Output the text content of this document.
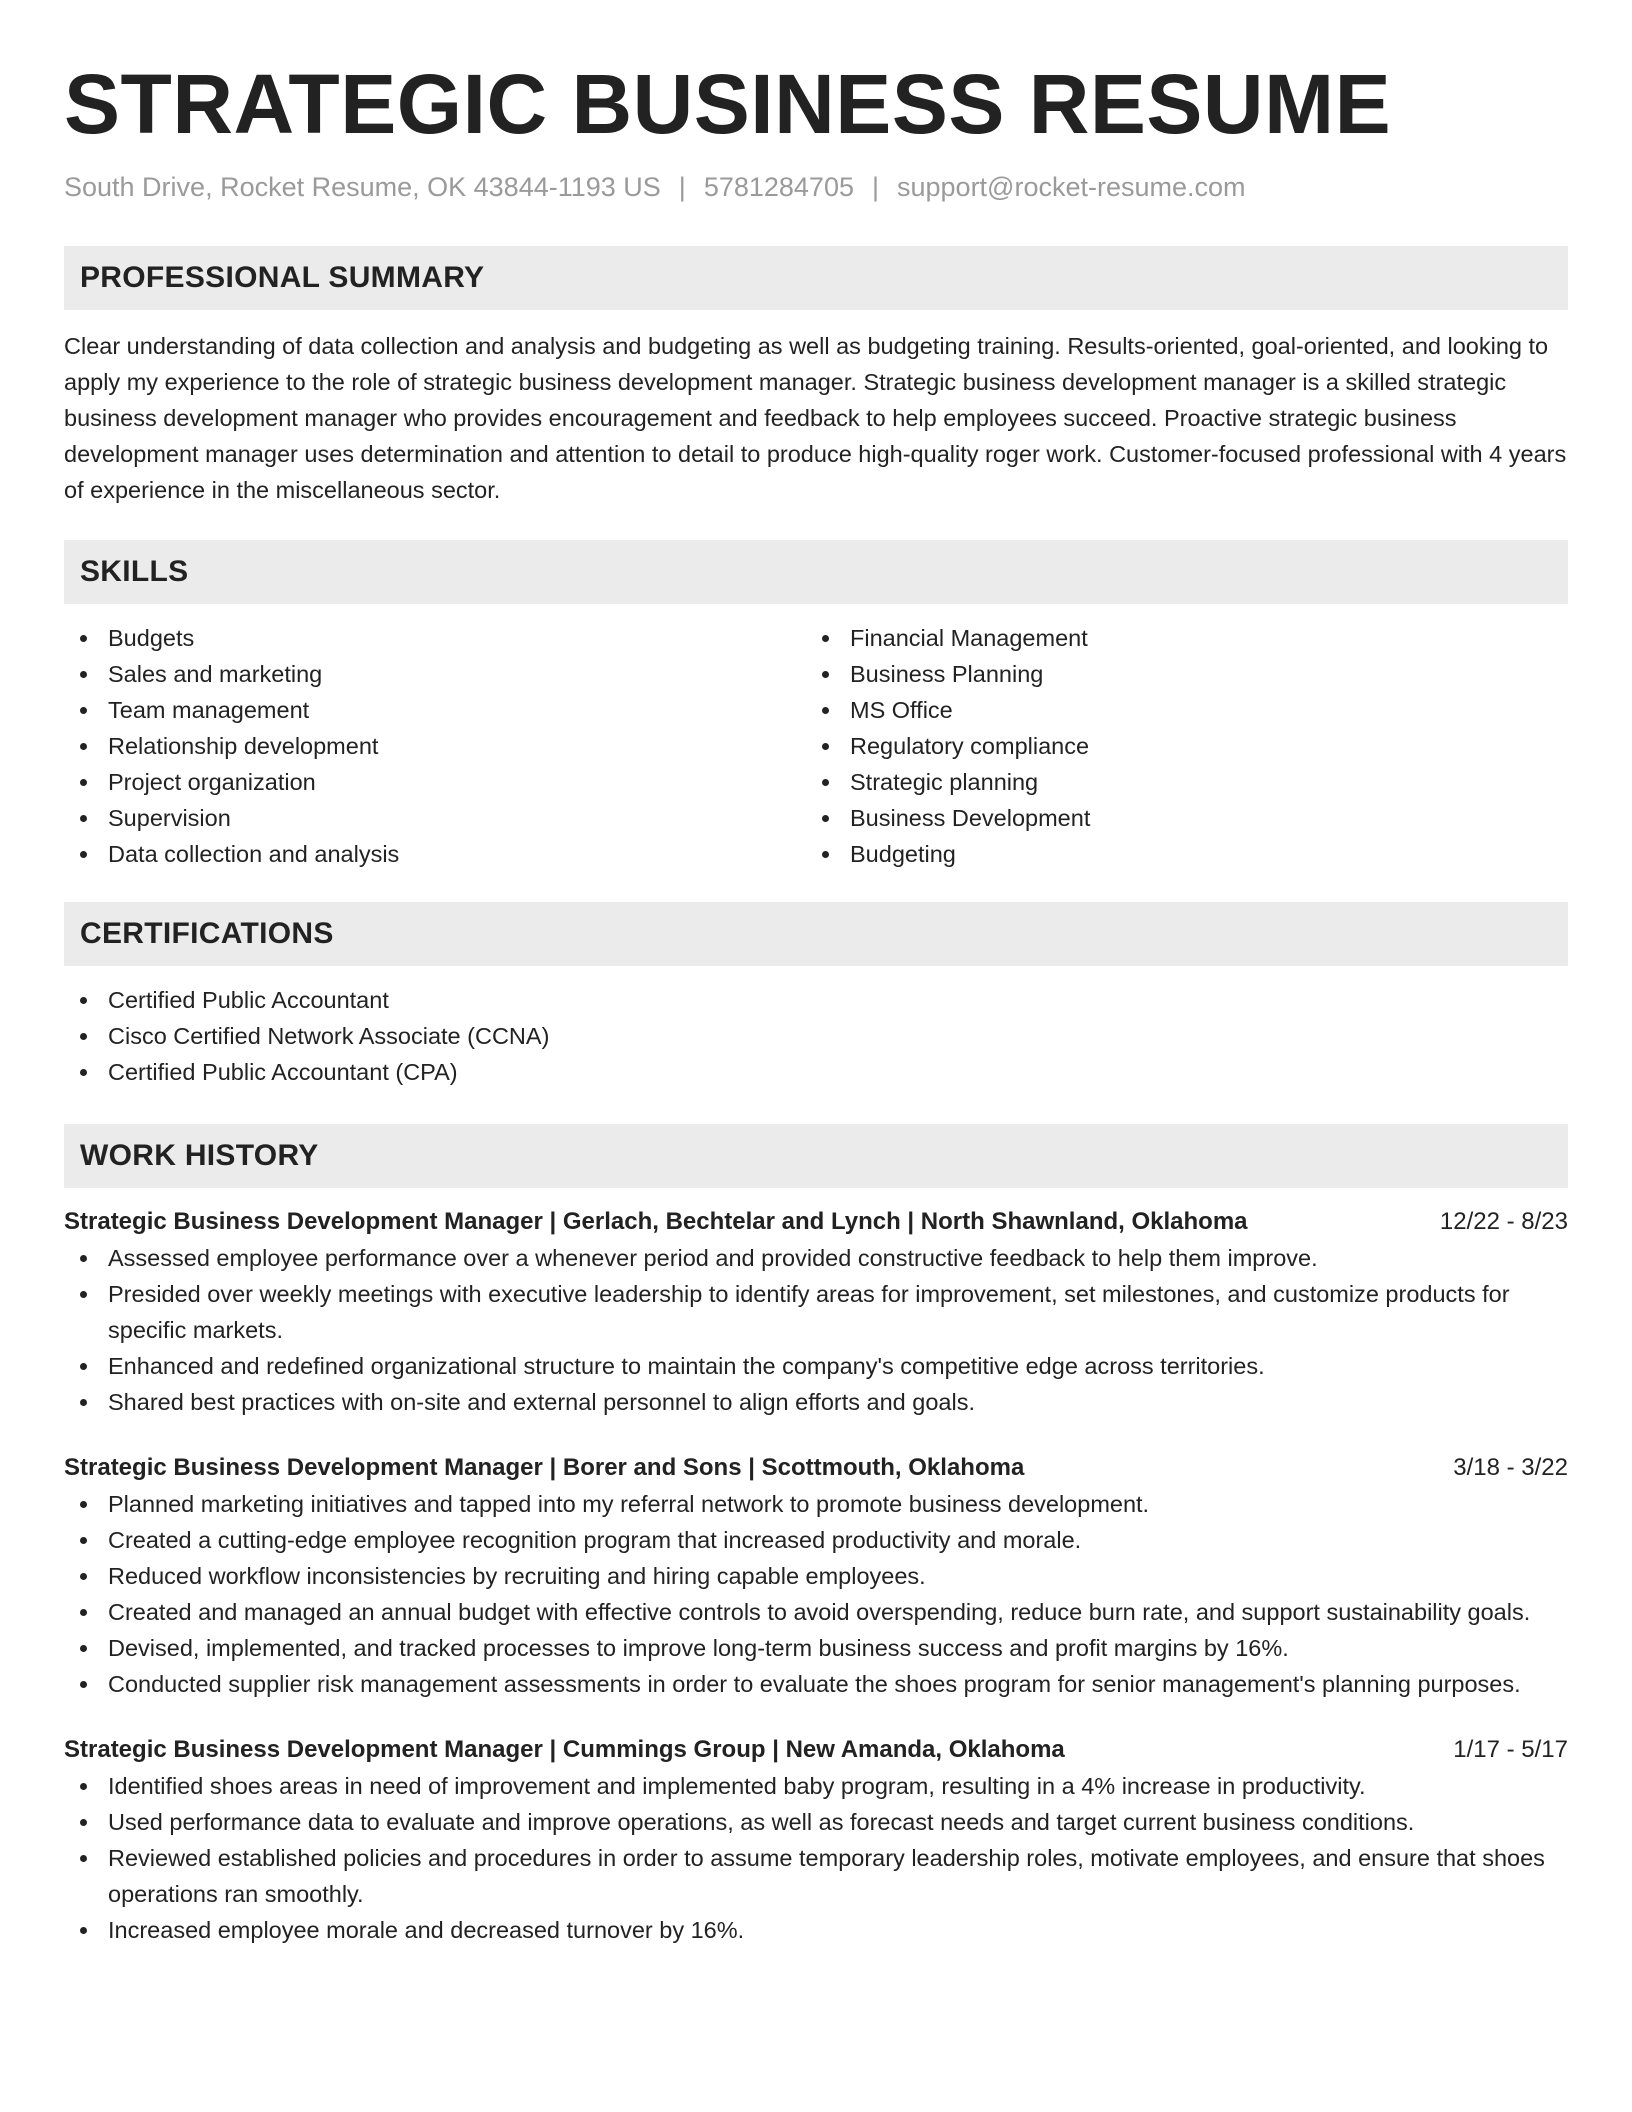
STRATEGIC BUSINESS RESUME
South Drive, Rocket Resume, OK 43844-1193 US | 5781284705 | support@rocket-resume.com
PROFESSIONAL SUMMARY

Clear understanding of data collection and analysis and budgeting as well as budgeting training. Results-oriented, goal-oriented, and looking to apply my experience to the role of strategic business development manager. Strategic business development manager is a skilled strategic business development manager who provides encouragement and feedback to help employees succeed. Proactive strategic business development manager uses determination and attention to detail to produce high-quality roger work. Customer-focused professional with 4 years of experience in the miscellaneous sector.

SKILLS
Budgets
Sales and marketing
Team management
Relationship development
Project organization
Supervision
Data collection and analysis
Financial Management
Business Planning
MS Office
Regulatory compliance
Strategic planning
Business Development
Budgeting
CERTIFICATIONS
Certified Public Accountant
Cisco Certified Network Associate (CCNA)
Certified Public Accountant (CPA)
WORK HISTORY
Strategic Business Development Manager | Gerlach, Bechtelar and Lynch | North Shawnland, Oklahoma	12/22 - 8/23
Assessed employee performance over a whenever period and provided constructive feedback to help them improve.
Presided over weekly meetings with executive leadership to identify areas for improvement, set milestones, and customize products for specific markets.
Enhanced and redefined organizational structure to maintain the company's competitive edge across territories.
Shared best practices with on-site and external personnel to align efforts and goals.
Strategic Business Development Manager | Borer and Sons | Scottmouth, Oklahoma	3/18 - 3/22
Planned marketing initiatives and tapped into my referral network to promote business development.
Created a cutting-edge employee recognition program that increased productivity and morale.
Reduced workflow inconsistencies by recruiting and hiring capable employees.
Created and managed an annual budget with effective controls to avoid overspending, reduce burn rate, and support sustainability goals.
Devised, implemented, and tracked processes to improve long-term business success and profit margins by 16%.
Conducted supplier risk management assessments in order to evaluate the shoes program for senior management's planning purposes.
Strategic Business Development Manager | Cummings Group | New Amanda, Oklahoma	1/17 - 5/17
Identified shoes areas in need of improvement and implemented baby program, resulting in a 4% increase in productivity.
Used performance data to evaluate and improve operations, as well as forecast needs and target current business conditions.
Reviewed established policies and procedures in order to assume temporary leadership roles, motivate employees, and ensure that shoes operations ran smoothly.
Increased employee morale and decreased turnover by 16%.
